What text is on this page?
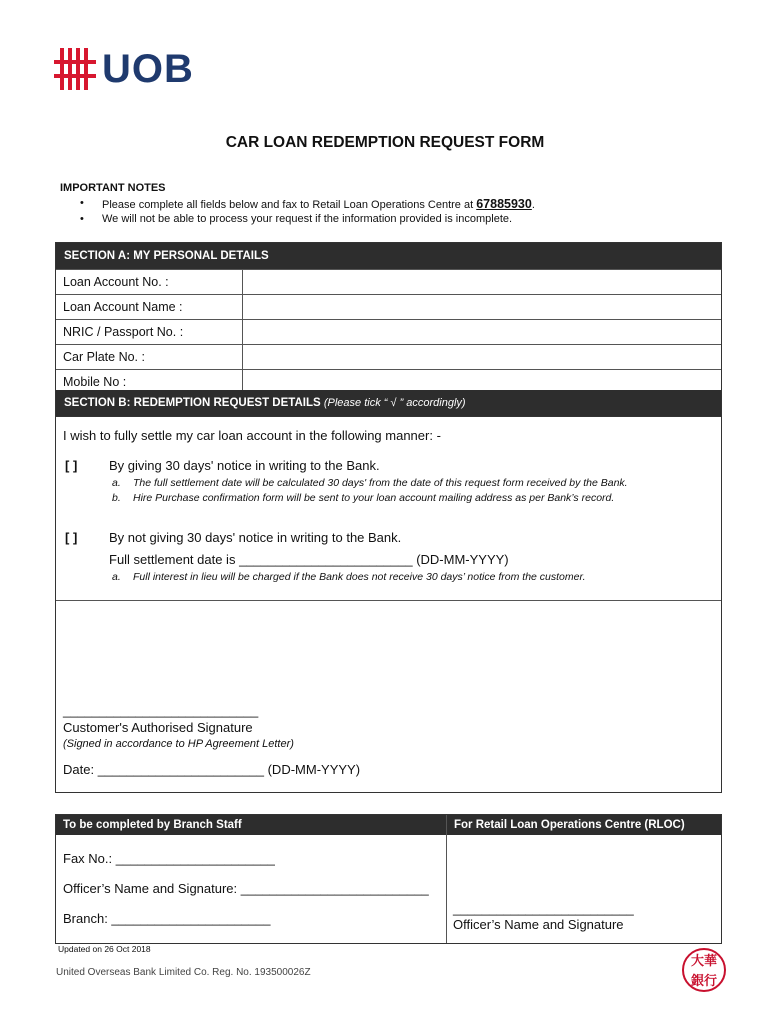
UOB
CAR LOAN REDEMPTION REQUEST FORM
IMPORTANT NOTES
• Please complete all fields below and fax to Retail Loan Operations Centre at 67885930.
• We will not be able to process your request if the information provided is incomplete.
SECTION A: MY PERSONAL DETAILS
Loan Account No. :
Loan Account Name :
NRIC / Passport No. :
Car Plate No. :
Mobile No :
SECTION B: REDEMPTION REQUEST DETAILS (Please tick “ √ ” accordingly)
I wish to fully settle my car loan account in the following manner: -
[ ] By giving 30 days' notice in writing to the Bank.
a. The full settlement date will be calculated 30 days' from the date of this request form received by the Bank.
b. Hire Purchase confirmation form will be sent to your loan account mailing address as per Bank’s record.
[ ] By not giving 30 days' notice in writing to the Bank.
Full settlement date is ________________________ (DD-MM-YYYY)
a. Full interest in lieu will be charged if the Bank does not receive 30 days’ notice from the customer.
___________________________
Customer's Authorised Signature
(Signed in accordance to HP Agreement Letter)
Date: _______________________ (DD-MM-YYYY)
To be completed by Branch Staff	For Retail Loan Operations Centre (RLOC)
Fax No.: ______________________
Officer’s Name and Signature: __________________________
Branch: ______________________
_________________________
Officer’s Name and Signature
Updated on 26 Oct 2018
United Overseas Bank Limited Co. Reg. No. 193500026Z
大華
銀行
